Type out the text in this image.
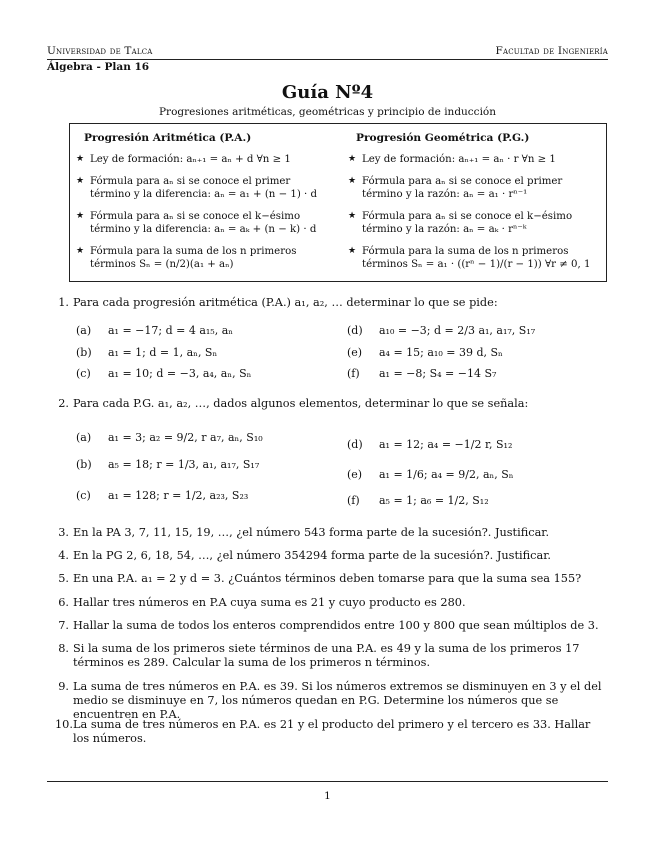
Universidad de Talca	Facultad de Ingeniería
Álgebra - Plan 16
Guía Nº4
Progresiones aritméticas, geométricas y principio de inducción
Progresión Aritmética (P.A.)
★ Ley de formación: aₙ₊₁ = aₙ + d ∀n ≥ 1
★ Fórmula para aₙ si se conoce el primer término y la diferencia: aₙ = a₁ + (n − 1) · d
★ Fórmula para aₙ si se conoce el k−ésimo término y la diferencia: aₙ = aₖ + (n − k) · d
★ Fórmula para la suma de los n primeros términos Sₙ = (n/2)(a₁ + aₙ)
Progresión Geométrica (P.G.)
★ Ley de formación: aₙ₊₁ = aₙ · r ∀n ≥ 1
★ Fórmula para aₙ si se conoce el primer término y la razón: aₙ = a₁ · rⁿ⁻¹
★ Fórmula para aₙ si se conoce el k−ésimo término y la razón: aₙ = aₖ · rⁿ⁻ᵏ
★ Fórmula para la suma de los n primeros términos Sₙ = a₁ · ((rⁿ − 1)/(r − 1)) ∀r ≠ 0, 1
1. Para cada progresión aritmética (P.A.) a₁, a₂, … determinar lo que se pide:
(a) a₁ = −17; d = 4 a₁₅, aₙ
(b) a₁ = 1; d = 1, aₙ, Sₙ
(c) a₁ = 10; d = −3, a₄, aₙ, Sₙ
(d) a₁₀ = −3; d = 2/3 a₁, a₁₇, S₁₇
(e) a₄ = 15; a₁₀ = 39 d, Sₙ
(f) a₁ = −8; S₄ = −14 S₇
2. Para cada P.G. a₁, a₂, …, dados algunos elementos, determinar lo que se señala:
(a) a₁ = 3; a₂ = 9/2, r a₇, aₙ, S₁₀
(b) a₅ = 18; r = 1/3, a₁, a₁₇, S₁₇
(c) a₁ = 128; r = 1/2, a₂₃, S₂₃
(d) a₁ = 12; a₄ = −1/2 r, S₁₂
(e) a₁ = 1/6; a₄ = 9/2, aₙ, Sₙ
(f) a₅ = 1; a₆ = 1/2, S₁₂
3. En la PA 3, 7, 11, 15, 19, …, ¿el número 543 forma parte de la sucesión?. Justificar.
4. En la PG 2, 6, 18, 54, …, ¿el número 354294 forma parte de la sucesión?. Justificar.
5. En una P.A. a₁ = 2 y d = 3. ¿Cuántos términos deben tomarse para que la suma sea 155?
6. Hallar tres números en P.A cuya suma es 21 y cuyo producto es 280.
7. Hallar la suma de todos los enteros comprendidos entre 100 y 800 que sean múltiplos de 3.
8. Si la suma de los primeros siete términos de una P.A. es 49 y la suma de los primeros 17 términos es 289. Calcular la suma de los primeros n términos.
9. La suma de tres números en P.A. es 39. Si los números extremos se disminuyen en 3 y el del medio se disminuye en 7, los números quedan en P.G. Determine los números que se encuentren en P.A.
10. La suma de tres números en P.A. es 21 y el producto del primero y el tercero es 33. Hallar los números.
1
